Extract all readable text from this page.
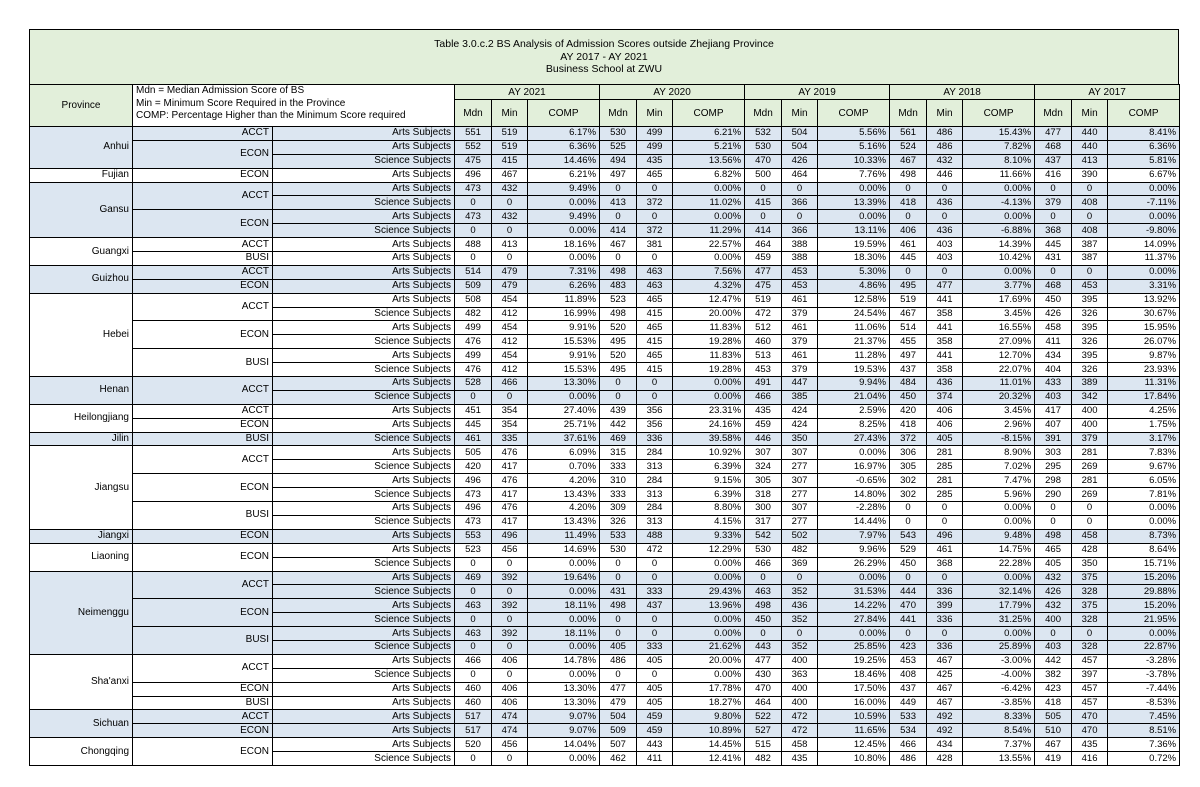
Table 3.0.c.2 BS Analysis of Admission Scores outside Zhejiang Province
AY 2017 - AY 2021
Business School at ZWU
Province	Mdn = Median Admission Score of BS
Min = Minimum Score Required in the Province
COMP: Percentage Higher than the Minimum Score required		AY 2021			AY 2020			AY 2019			AY 2018			AY 2017		
			Mdn	Min	COMP	Mdn	Min	COMP	Mdn	Min	COMP	Mdn	Min	COMP	Mdn	Min	COMP
Anhui	ACCT	Arts Subjects	551	519	6.17%	530	499	6.21%	532	504	5.56%	561	486	15.43%	477	440	8.41%
	ECON	Arts Subjects	552	519	6.36%	525	499	5.21%	530	504	5.16%	524	486	7.82%	468	440	6.36%
		Science Subjects	475	415	14.46%	494	435	13.56%	470	426	10.33%	467	432	8.10%	437	413	5.81%
Fujian	ECON	Arts Subjects	496	467	6.21%	497	465	6.82%	500	464	7.76%	498	446	11.66%	416	390	6.67%
Gansu	ACCT	Arts Subjects	473	432	9.49%	0	0	0.00%	0	0	0.00%	0	0	0.00%	0	0	0.00%
		Science Subjects	0	0	0.00%	413	372	11.02%	415	366	13.39%	418	436	-4.13%	379	408	-7.11%
	ECON	Arts Subjects	473	432	9.49%	0	0	0.00%	0	0	0.00%	0	0	0.00%	0	0	0.00%
		Science Subjects	0	0	0.00%	414	372	11.29%	414	366	13.11%	406	436	-6.88%	368	408	-9.80%
Guangxi	ACCT	Arts Subjects	488	413	18.16%	467	381	22.57%	464	388	19.59%	461	403	14.39%	445	387	14.09%
	BUSI	Arts Subjects	0	0	0.00%	0	0	0.00%	459	388	18.30%	445	403	10.42%	431	387	11.37%
Guizhou	ACCT	Arts Subjects	514	479	7.31%	498	463	7.56%	477	453	5.30%	0	0	0.00%	0	0	0.00%
	ECON	Arts Subjects	509	479	6.26%	483	463	4.32%	475	453	4.86%	495	477	3.77%	468	453	3.31%
Hebei	ACCT	Arts Subjects	508	454	11.89%	523	465	12.47%	519	461	12.58%	519	441	17.69%	450	395	13.92%
		Science Subjects	482	412	16.99%	498	415	20.00%	472	379	24.54%	467	358	3.45%	426	326	30.67%
	ECON	Arts Subjects	499	454	9.91%	520	465	11.83%	512	461	11.06%	514	441	16.55%	458	395	15.95%
		Science Subjects	476	412	15.53%	495	415	19.28%	460	379	21.37%	455	358	27.09%	411	326	26.07%
	BUSI	Arts Subjects	499	454	9.91%	520	465	11.83%	513	461	11.28%	497	441	12.70%	434	395	9.87%
		Science Subjects	476	412	15.53%	495	415	19.28%	453	379	19.53%	437	358	22.07%	404	326	23.93%
Henan	ACCT	Arts Subjects	528	466	13.30%	0	0	0.00%	491	447	9.94%	484	436	11.01%	433	389	11.31%
		Science Subjects	0	0	0.00%	0	0	0.00%	466	385	21.04%	450	374	20.32%	403	342	17.84%
Heilongjiang	ACCT	Arts Subjects	451	354	27.40%	439	356	23.31%	435	424	2.59%	420	406	3.45%	417	400	4.25%
	ECON	Arts Subjects	445	354	25.71%	442	356	24.16%	459	424	8.25%	418	406	2.96%	407	400	1.75%
Jilin	BUSI	Science Subjects	461	335	37.61%	469	336	39.58%	446	350	27.43%	372	405	-8.15%	391	379	3.17%
Jiangsu	ACCT	Arts Subjects	505	476	6.09%	315	284	10.92%	307	307	0.00%	306	281	8.90%	303	281	7.83%
		Science Subjects	420	417	0.70%	333	313	6.39%	324	277	16.97%	305	285	7.02%	295	269	9.67%
	ECON	Arts Subjects	496	476	4.20%	310	284	9.15%	305	307	-0.65%	302	281	7.47%	298	281	6.05%
		Science Subjects	473	417	13.43%	333	313	6.39%	318	277	14.80%	302	285	5.96%	290	269	7.81%
	BUSI	Arts Subjects	496	476	4.20%	309	284	8.80%	300	307	-2.28%	0	0	0.00%	0	0	0.00%
		Science Subjects	473	417	13.43%	326	313	4.15%	317	277	14.44%	0	0	0.00%	0	0	0.00%
Jiangxi	ECON	Arts Subjects	553	496	11.49%	533	488	9.33%	542	502	7.97%	543	496	9.48%	498	458	8.73%
Liaoning	ECON	Arts Subjects	523	456	14.69%	530	472	12.29%	530	482	9.96%	529	461	14.75%	465	428	8.64%
		Science Subjects	0	0	0.00%	0	0	0.00%	466	369	26.29%	450	368	22.28%	405	350	15.71%
Neimenggu	ACCT	Arts Subjects	469	392	19.64%	0	0	0.00%	0	0	0.00%	0	0	0.00%	432	375	15.20%
		Science Subjects	0	0	0.00%	431	333	29.43%	463	352	31.53%	444	336	32.14%	426	328	29.88%
	ECON	Arts Subjects	463	392	18.11%	498	437	13.96%	498	436	14.22%	470	399	17.79%	432	375	15.20%
		Science Subjects	0	0	0.00%	0	0	0.00%	450	352	27.84%	441	336	31.25%	400	328	21.95%
	BUSI	Arts Subjects	463	392	18.11%	0	0	0.00%	0	0	0.00%	0	0	0.00%	0	0	0.00%
		Science Subjects	0	0	0.00%	405	333	21.62%	443	352	25.85%	423	336	25.89%	403	328	22.87%
Sha'anxi	ACCT	Arts Subjects	466	406	14.78%	486	405	20.00%	477	400	19.25%	453	467	-3.00%	442	457	-3.28%
		Science Subjects	0	0	0.00%	0	0	0.00%	430	363	18.46%	408	425	-4.00%	382	397	-3.78%
	ECON	Arts Subjects	460	406	13.30%	477	405	17.78%	470	400	17.50%	437	467	-6.42%	423	457	-7.44%
	BUSI	Arts Subjects	460	406	13.30%	479	405	18.27%	464	400	16.00%	449	467	-3.85%	418	457	-8.53%
Sichuan	ACCT	Arts Subjects	517	474	9.07%	504	459	9.80%	522	472	10.59%	533	492	8.33%	505	470	7.45%
	ECON	Arts Subjects	517	474	9.07%	509	459	10.89%	527	472	11.65%	534	492	8.54%	510	470	8.51%
Chongqing	ECON	Arts Subjects	520	456	14.04%	507	443	14.45%	515	458	12.45%	466	434	7.37%	467	435	7.36%
		Science Subjects	0	0	0.00%	462	411	12.41%	482	435	10.80%	486	428	13.55%	419	416	0.72%
